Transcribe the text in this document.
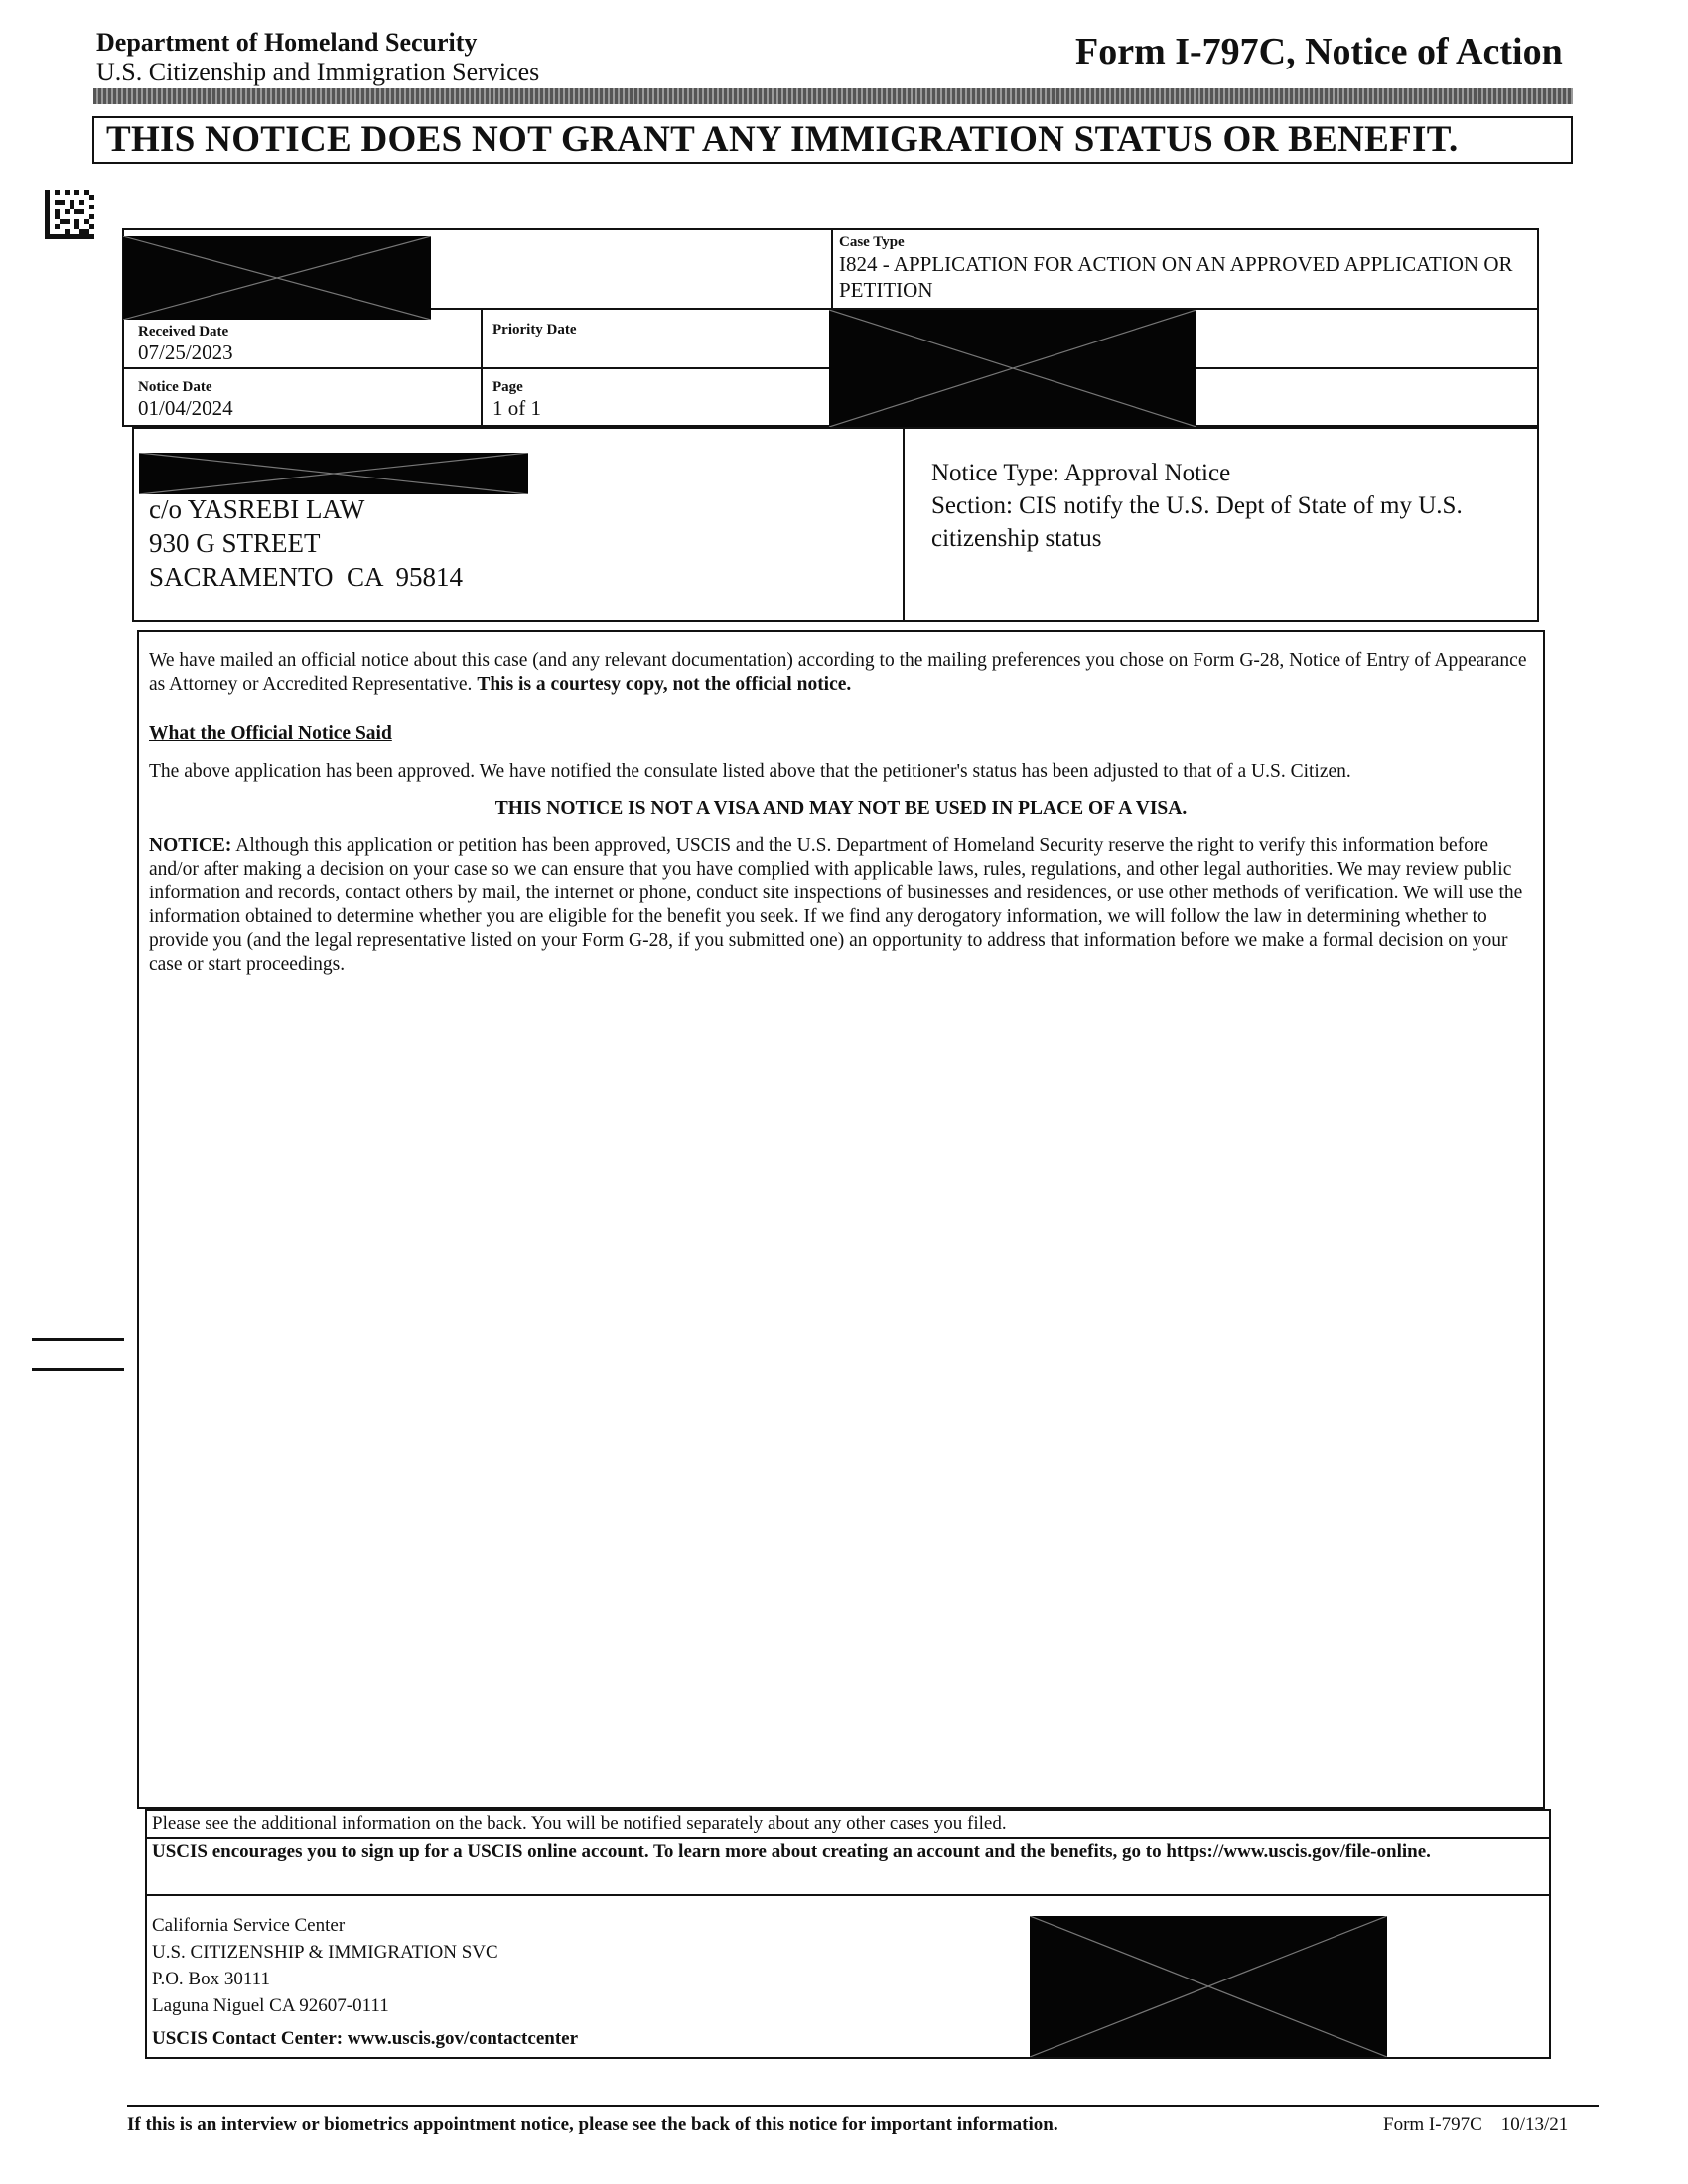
Department of Homeland Security
U.S. Citizenship and Immigration Services	Form I-797C, Notice of Action
THIS NOTICE DOES NOT GRANT ANY IMMIGRATION STATUS OR BENEFIT.
Case Type
I824 - APPLICATION FOR ACTION ON AN APPROVED APPLICATION OR PETITION
Received Date
07/25/2023
Priority Date
Notice Date
01/04/2024
Page
1 of 1
c/o YASREBI LAW
930 G STREET
SACRAMENTO  CA  95814
Notice Type: Approval Notice
Section: CIS notify the U.S. Dept of State of my U.S. citizenship status
We have mailed an official notice about this case (and any relevant documentation) according to the mailing preferences you chose on Form G-28, Notice of Entry of Appearance as Attorney or Accredited Representative. This is a courtesy copy, not the official notice.
What the Official Notice Said
The above application has been approved. We have notified the consulate listed above that the petitioner's status has been adjusted to that of a U.S. Citizen.
THIS NOTICE IS NOT A VISA AND MAY NOT BE USED IN PLACE OF A VISA.
NOTICE: Although this application or petition has been approved, USCIS and the U.S. Department of Homeland Security reserve the right to verify this information before and/or after making a decision on your case so we can ensure that you have complied with applicable laws, rules, regulations, and other legal authorities. We may review public information and records, contact others by mail, the internet or phone, conduct site inspections of businesses and residences, or use other methods of verification. We will use the information obtained to determine whether you are eligible for the benefit you seek. If we find any derogatory information, we will follow the law in determining whether to provide you (and the legal representative listed on your Form G-28, if you submitted one) an opportunity to address that information before we make a formal decision on your case or start proceedings.
Please see the additional information on the back. You will be notified separately about any other cases you filed.
USCIS encourages you to sign up for a USCIS online account. To learn more about creating an account and the benefits, go to https://www.uscis.gov/file-online.
California Service Center
U.S. CITIZENSHIP & IMMIGRATION SVC
P.O. Box 30111
Laguna Niguel CA 92607-0111
USCIS Contact Center: www.uscis.gov/contactcenter
If this is an interview or biometrics appointment notice, please see the back of this notice for important information.	Form I-797C 10/13/21
